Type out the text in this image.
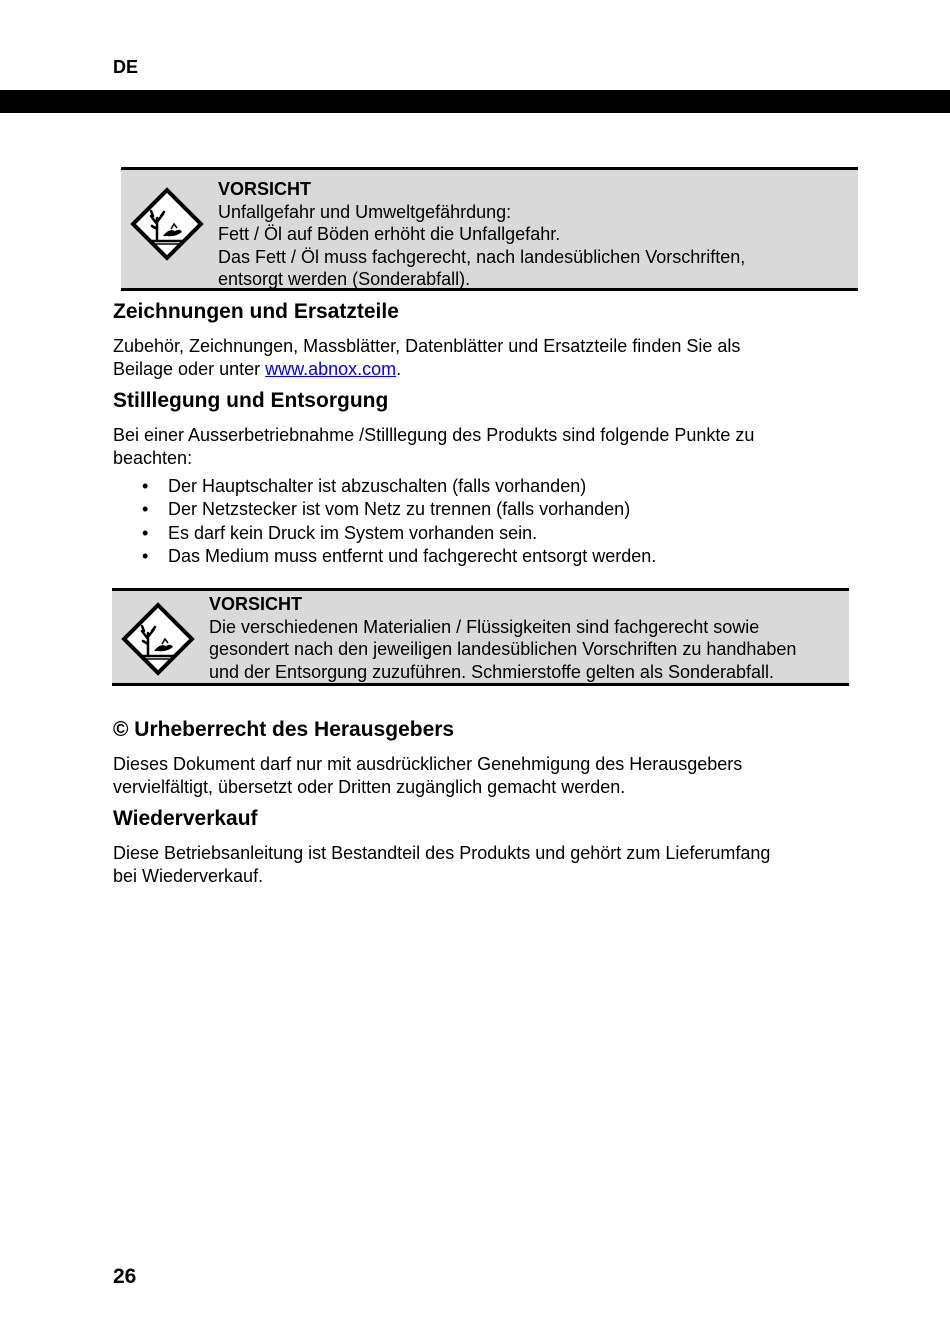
DE
VORSICHT
Unfallgefahr und Umweltgefährdung:
Fett / Öl auf Böden erhöht die Unfallgefahr.
Das Fett / Öl muss fachgerecht, nach landesüblichen Vorschriften,
entsorgt werden (Sonderabfall).
Zeichnungen und Ersatzteile
Zubehör, Zeichnungen, Massblätter, Datenblätter und Ersatzteile finden Sie als
Beilage oder unter www.abnox.com.
Stilllegung und Entsorgung
Bei einer Ausserbetriebnahme /Stilllegung des Produkts sind folgende Punkte zu
beachten:
• Der Hauptschalter ist abzuschalten (falls vorhanden)
• Der Netzstecker ist vom Netz zu trennen (falls vorhanden)
• Es darf kein Druck im System vorhanden sein.
• Das Medium muss entfernt und fachgerecht entsorgt werden.
VORSICHT
Die verschiedenen Materialien / Flüssigkeiten sind fachgerecht sowie
gesondert nach den jeweiligen landesüblichen Vorschriften zu handhaben
und der Entsorgung zuzuführen. Schmierstoffe gelten als Sonderabfall.
© Urheberrecht des Herausgebers
Dieses Dokument darf nur mit ausdrücklicher Genehmigung des Herausgebers
vervielfältigt, übersetzt oder Dritten zugänglich gemacht werden.
Wiederverkauf
Diese Betriebsanleitung ist Bestandteil des Produkts und gehört zum Lieferumfang
bei Wiederverkauf.
26
